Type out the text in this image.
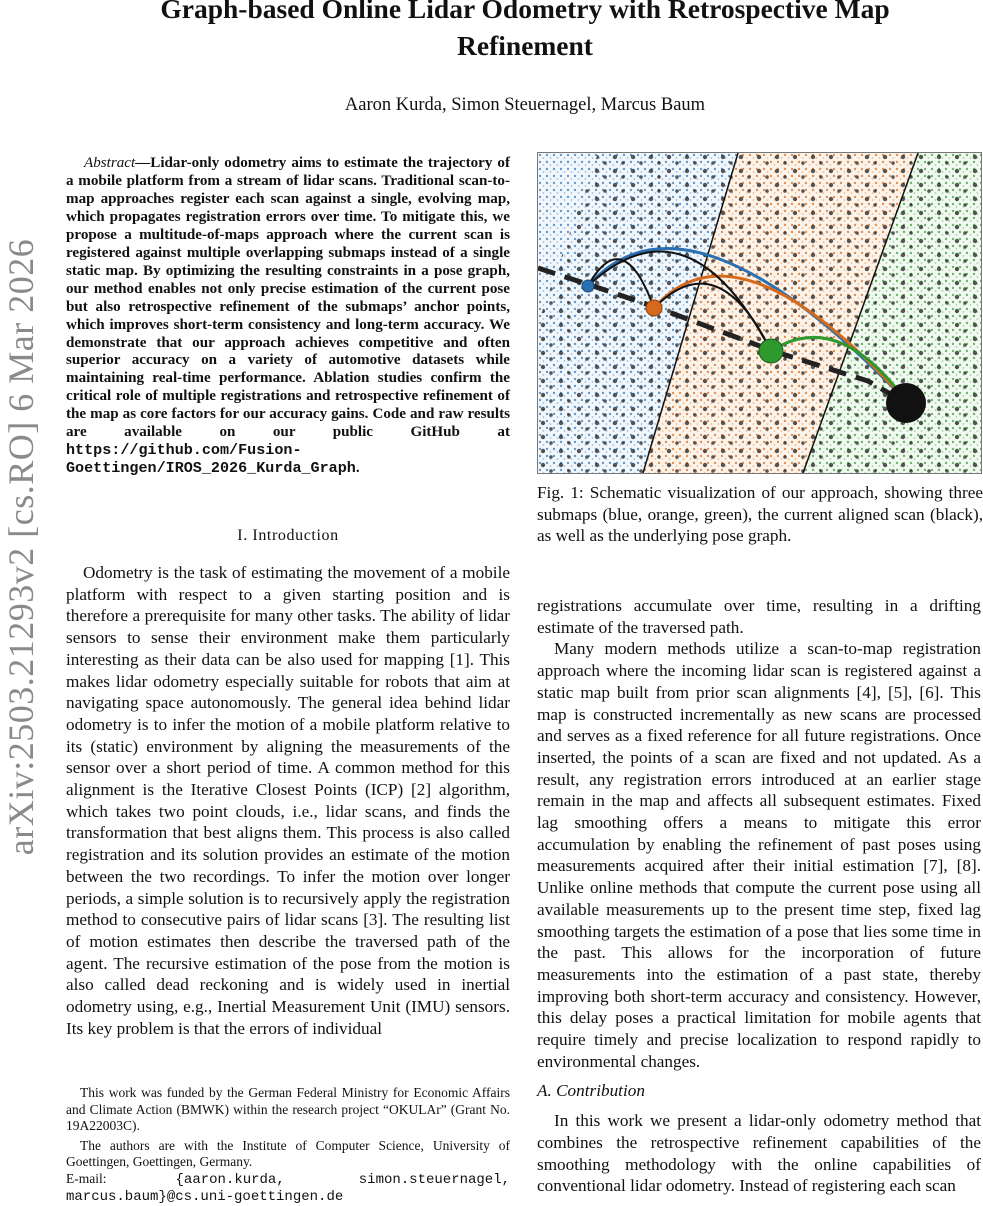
arXiv:2503.21293v2 [cs.RO] 6 Mar 2026
Graph-based Online Lidar Odometry with Retrospective Map Refinement
Aaron Kurda, Simon Steuernagel, Marcus Baum
Abstract—Lidar-only odometry aims to estimate the trajectory of a mobile platform from a stream of lidar scans. Traditional scan-to-map approaches register each scan against a single, evolving map, which propagates registration errors over time. To mitigate this, we propose a multitude-of-maps approach where the current scan is registered against multiple overlapping submaps instead of a single static map. By optimizing the resulting constraints in a pose graph, our method enables not only precise estimation of the current pose but also retrospective refinement of the submaps’ anchor points, which improves short-term consistency and long-term accuracy. We demonstrate that our approach achieves competitive and often superior accuracy on a variety of automotive datasets while maintaining real-time performance. Ablation studies confirm the critical role of multiple registrations and retrospective refinement of the map as core factors for our accuracy gains. Code and raw results are available on our public GitHub at https://github.com/Fusion-Goettingen/IROS_2026_Kurda_Graph.
I. Introduction

Odometry is the task of estimating the movement of a mobile platform with respect to a given starting position and is therefore a prerequisite for many other tasks. The ability of lidar sensors to sense their environment make them particularly interesting as their data can be also used for mapping [1]. This makes lidar odometry especially suitable for robots that aim at navigating space autonomously. The general idea behind lidar odometry is to infer the motion of a mobile platform relative to its (static) environment by aligning the measurements of the sensor over a short period of time. A common method for this alignment is the Iterative Closest Points (ICP) [2] algorithm, which takes two point clouds, i.e., lidar scans, and finds the transformation that best aligns them. This process is also called registration and its solution provides an estimate of the motion between the two recordings. To infer the motion over longer periods, a simple solution is to recursively apply the registration method to consecutive pairs of lidar scans [3]. The resulting list of motion estimates then describe the traversed path of the agent. The recursive estimation of the pose from the motion is also called dead reckoning and is widely used in inertial odometry using, e.g., Inertial Measurement Unit (IMU) sensors. Its key problem is that the errors of individual

This work was funded by the German Federal Ministry for Economic Affairs and Climate Action (BMWK) within the research project “OKULAr” (Grant No. 19A22003C).

The authors are with the Institute of Computer Science, University of Goettingen, Goettingen, Germany.

E-mail:	{aaron.kurda, simon.steuernagel, marcus.baum}@cs.uni-goettingen.de

Fig. 1: Schematic visualization of our approach, showing three submaps (blue, orange, green), the current aligned scan (black), as well as the underlying pose graph.

registrations accumulate over time, resulting in a drifting estimate of the traversed path.

Many modern methods utilize a scan-to-map registration approach where the incoming lidar scan is registered against a static map built from prior scan alignments [4], [5], [6]. This map is constructed incrementally as new scans are processed and serves as a fixed reference for all future registrations. Once inserted, the points of a scan are fixed and not updated. As a result, any registration errors introduced at an earlier stage remain in the map and affects all subsequent estimates. Fixed lag smoothing offers a means to mitigate this error accumulation by enabling the refinement of past poses using measurements acquired after their initial estimation [7], [8]. Unlike online methods that compute the current pose using all available measurements up to the present time step, fixed lag smoothing targets the estimation of a pose that lies some time in the past. This allows for the incorporation of future measurements into the estimation of a past state, thereby improving both short-term accuracy and consistency. However, this delay poses a practical limitation for mobile agents that require timely and precise localization to respond rapidly to environmental changes.

A. Contribution

In this work we present a lidar-only odometry method that combines the retrospective refinement capabilities of the smoothing methodology with the online capabilities of conventional lidar odometry. Instead of registering each scan
